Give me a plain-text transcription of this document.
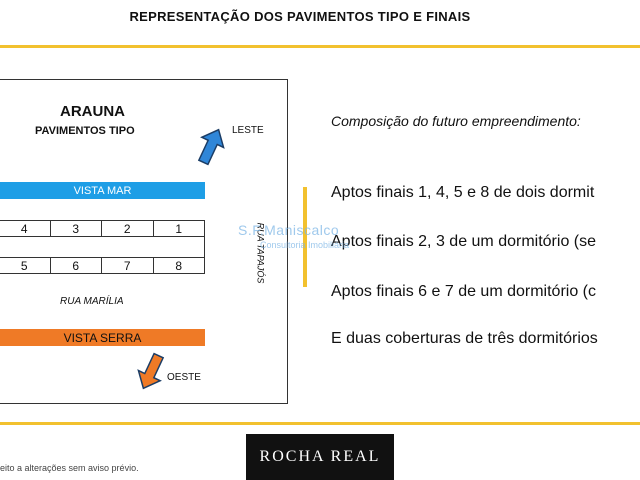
REPRESENTAÇÃO DOS PAVIMENTOS TIPO E FINAIS
ARAUNA
PAVIMENTOS TIPO	LESTE
VISTA MAR
4	3	2	1
5	6	7	8	RUA TAPAJÓS
RUA MARÍLIA
VISTA SERRA
OESTE
Composição do futuro empreendimento:
Aptos finais 1, 4, 5 e 8 de dois dormit
Aptos finais 2, 3 de um dormitório (se
Aptos finais 6 e 7 de um dormitório (c
E duas coberturas de três dormitórios
S.F.Maniscalco
Consultoria Imobiliária
eito a alterações sem aviso prévio.
ROCHA REAL
